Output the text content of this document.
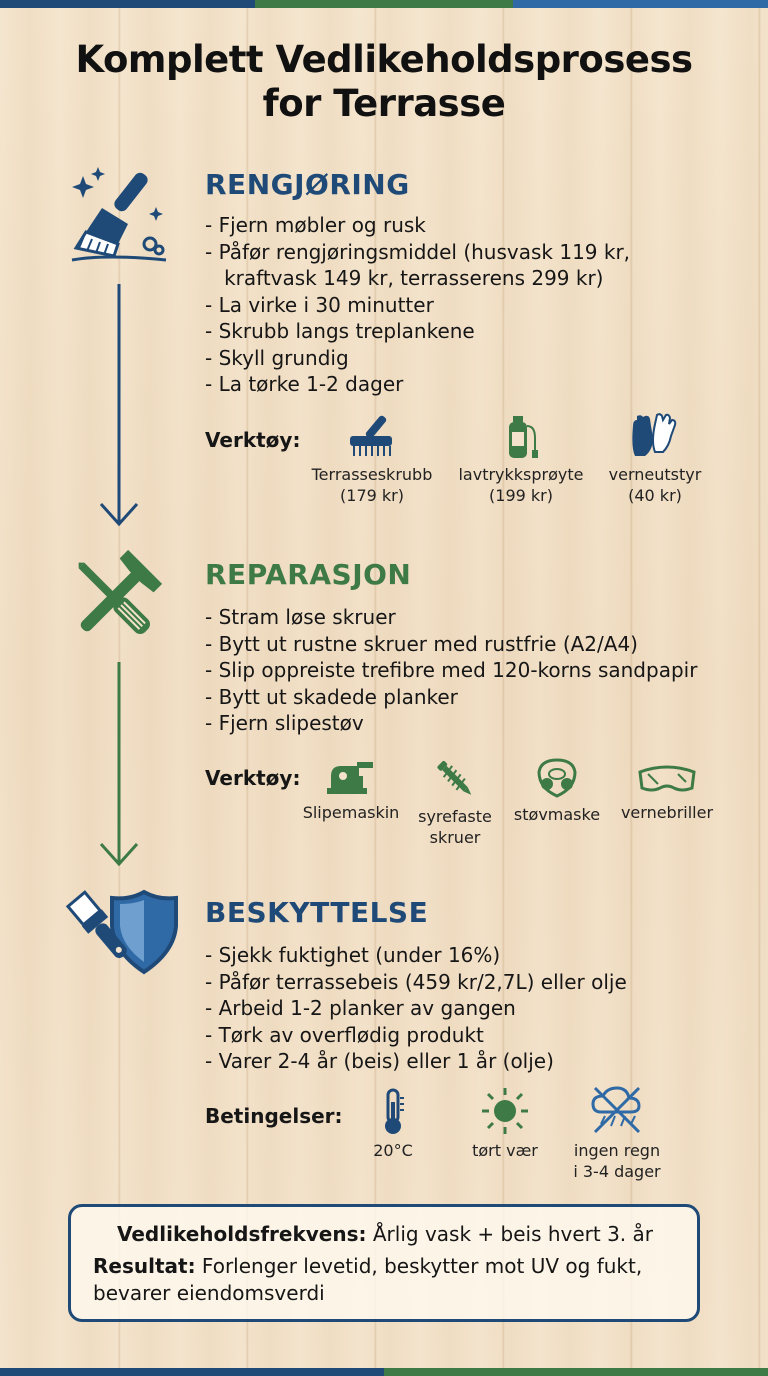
Komplett Vedlikeholdsprosess
for Terrasse
RENGJØRING
- Fjern møbler og rusk
- Påfør rengjøringsmiddel (husvask 119 kr,
kraftvask 149 kr, terrasserens 299 kr)
- La virke i 30 minutter
- Skrubb langs treplankene
- Skyll grundig
- La tørke 1-2 dager
Verktøy:
Terrasseskrubb
(179 kr)
lavtrykksprøyte
(199 kr)
verneutstyr
(40 kr)
REPARASJON
- Stram løse skruer
- Bytt ut rustne skruer med rustfrie (A2/A4)
- Slip oppreiste trefibre med 120-korns sandpapir
- Bytt ut skadede planker
- Fjern slipestøv
Verktøy:
Slipemaskin	syrefaste
skruer
støvmaske	vernebriller
BESKYTTELSE
- Sjekk fuktighet (under 16%)
- Påfør terrassebeis (459 kr/2,7L) eller olje
- Arbeid 1-2 planker av gangen
- Tørk av overflødig produkt
- Varer 2-4 år (beis) eller 1 år (olje)
Betingelser:
20°C	tørt vær	ingen regn
i 3-4 dager
Vedlikeholdsfrekvens: Årlig vask + beis hvert 3. år
Resultat: Forlenger levetid, beskytter mot UV og fukt, bevarer eiendomsverdi
